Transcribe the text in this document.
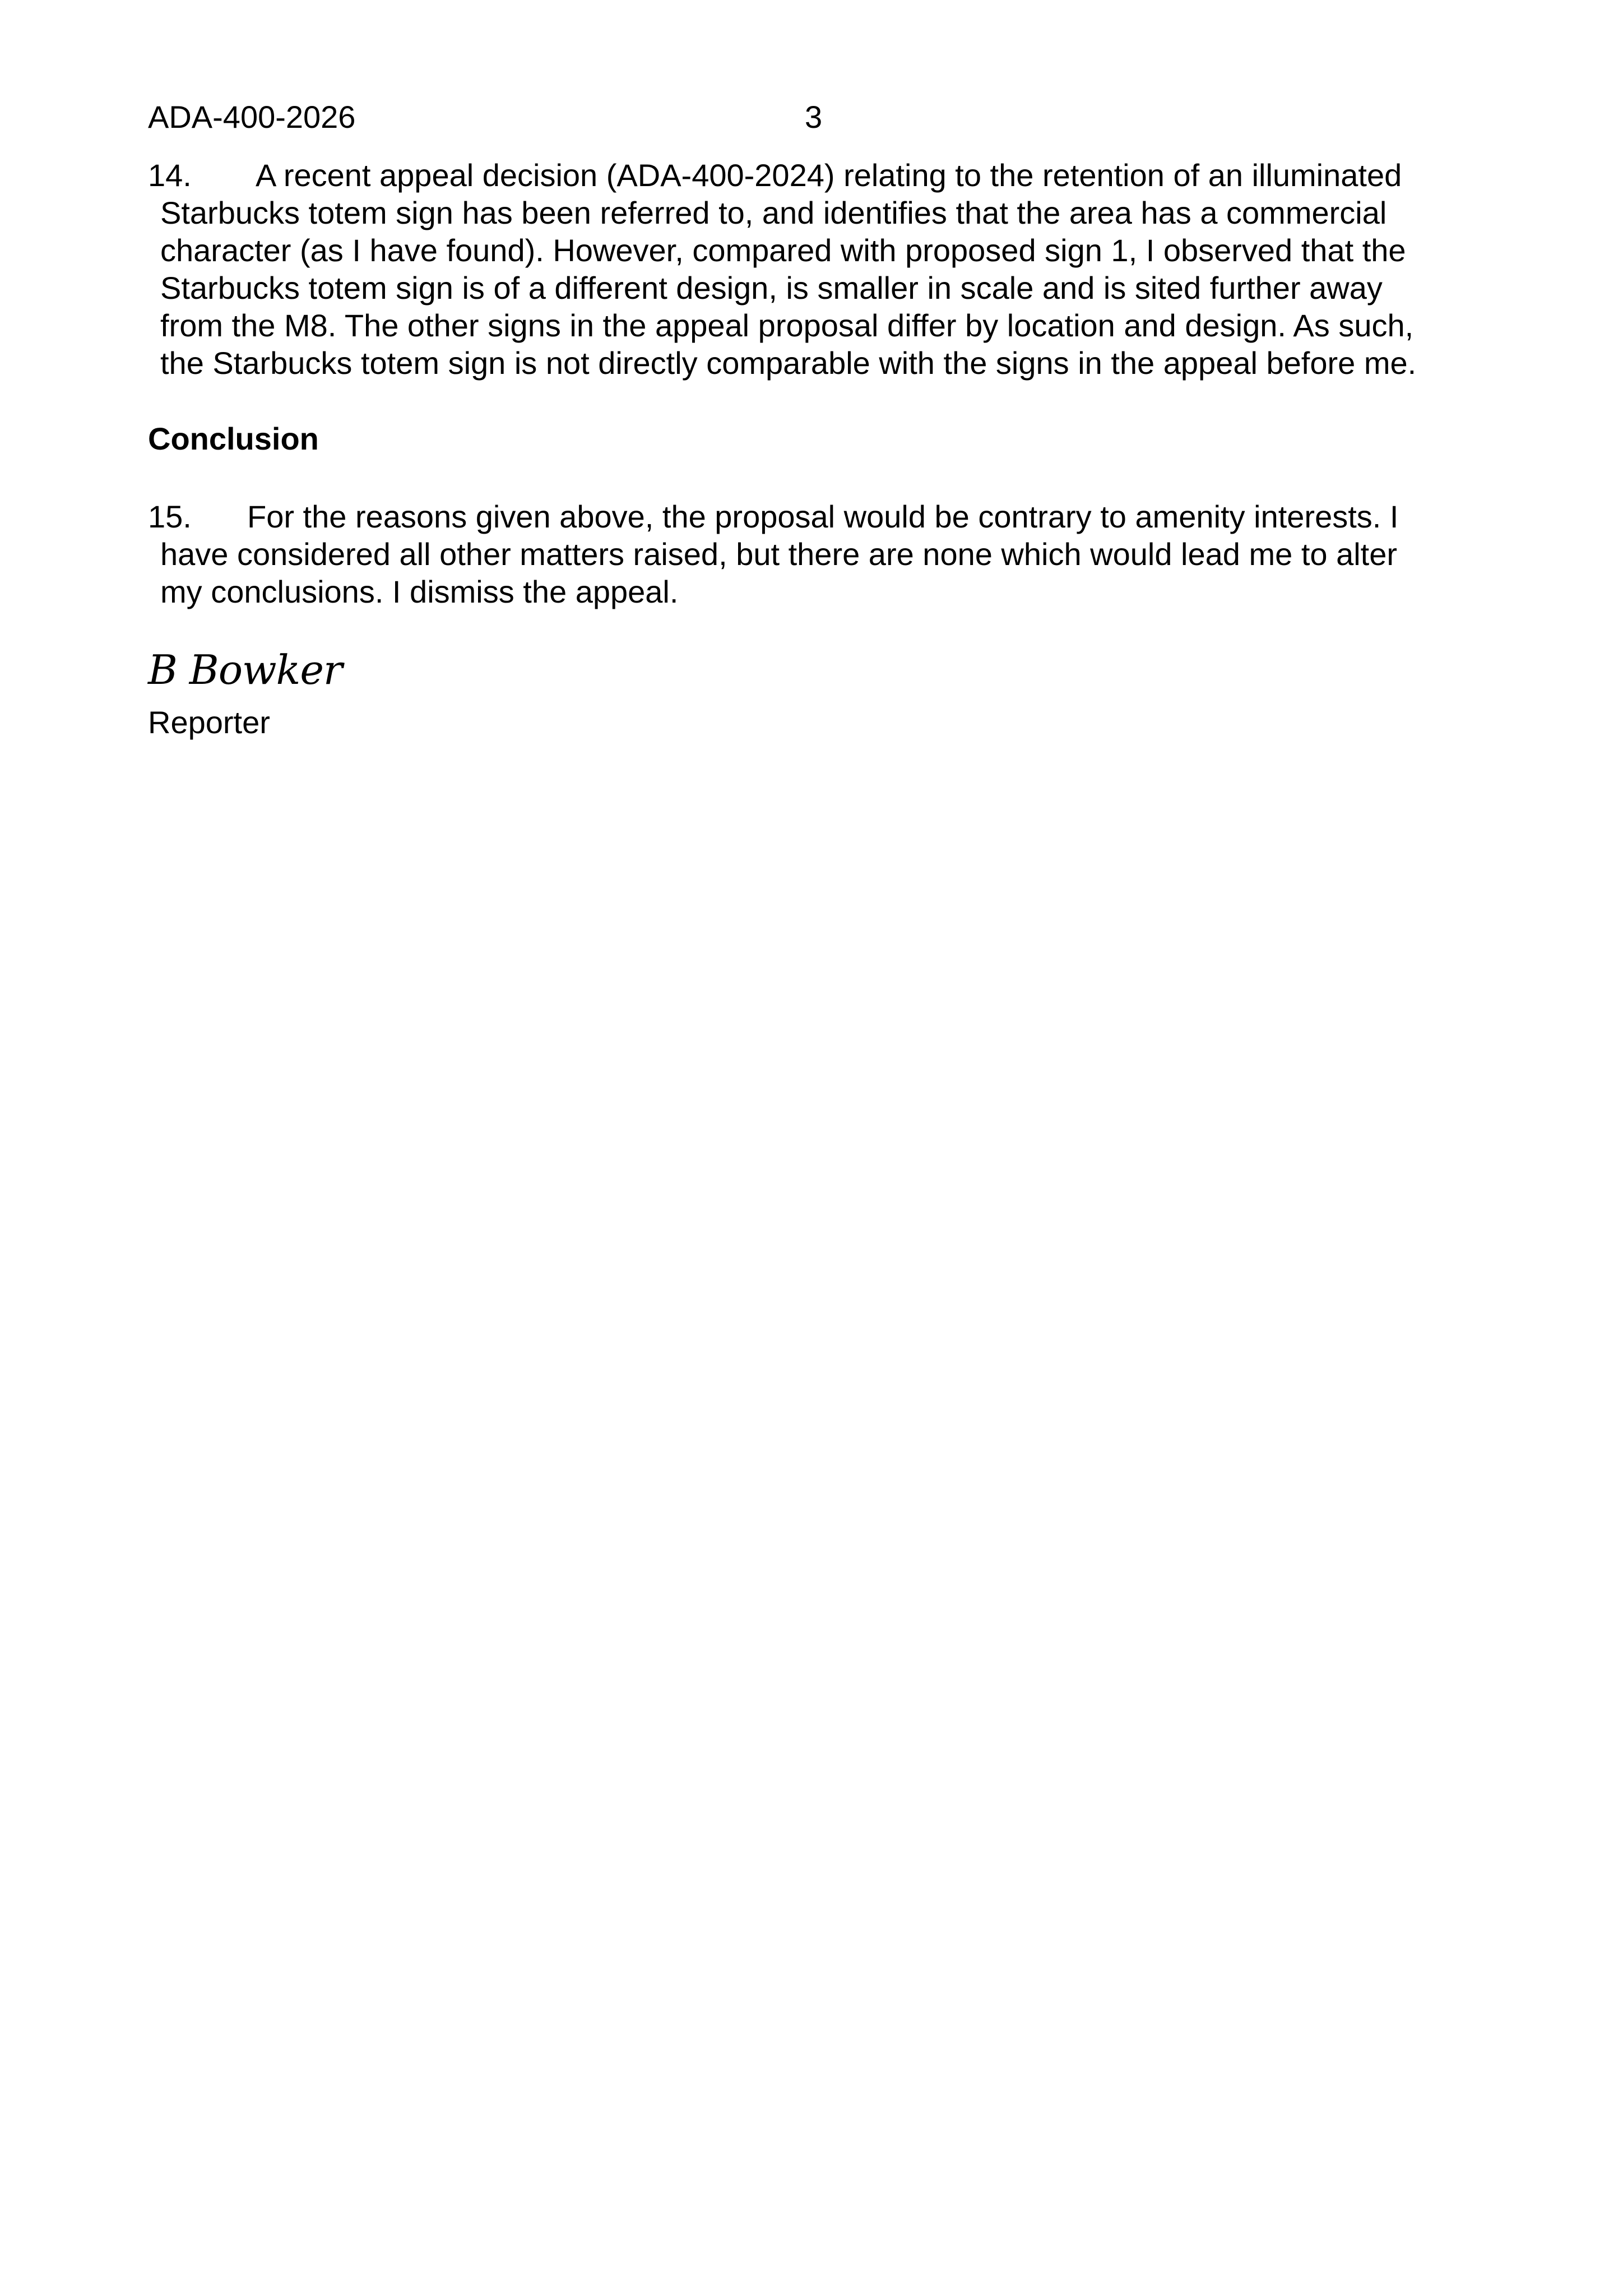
ADA-400-2026	3
14. A recent appeal decision (ADA-400-2024) relating to the retention of an illuminated
Starbucks totem sign has been referred to, and identifies that the area has a commercial
character (as I have found). However, compared with proposed sign 1, I observed that the
Starbucks totem sign is of a different design, is smaller in scale and is sited further away
from the M8. The other signs in the appeal proposal differ by location and design. As such,
the Starbucks totem sign is not directly comparable with the signs in the appeal before me.
Conclusion
15. For the reasons given above, the proposal would be contrary to amenity interests. I
have considered all other matters raised, but there are none which would lead me to alter
my conclusions. I dismiss the appeal.
B Bowker
Reporter
